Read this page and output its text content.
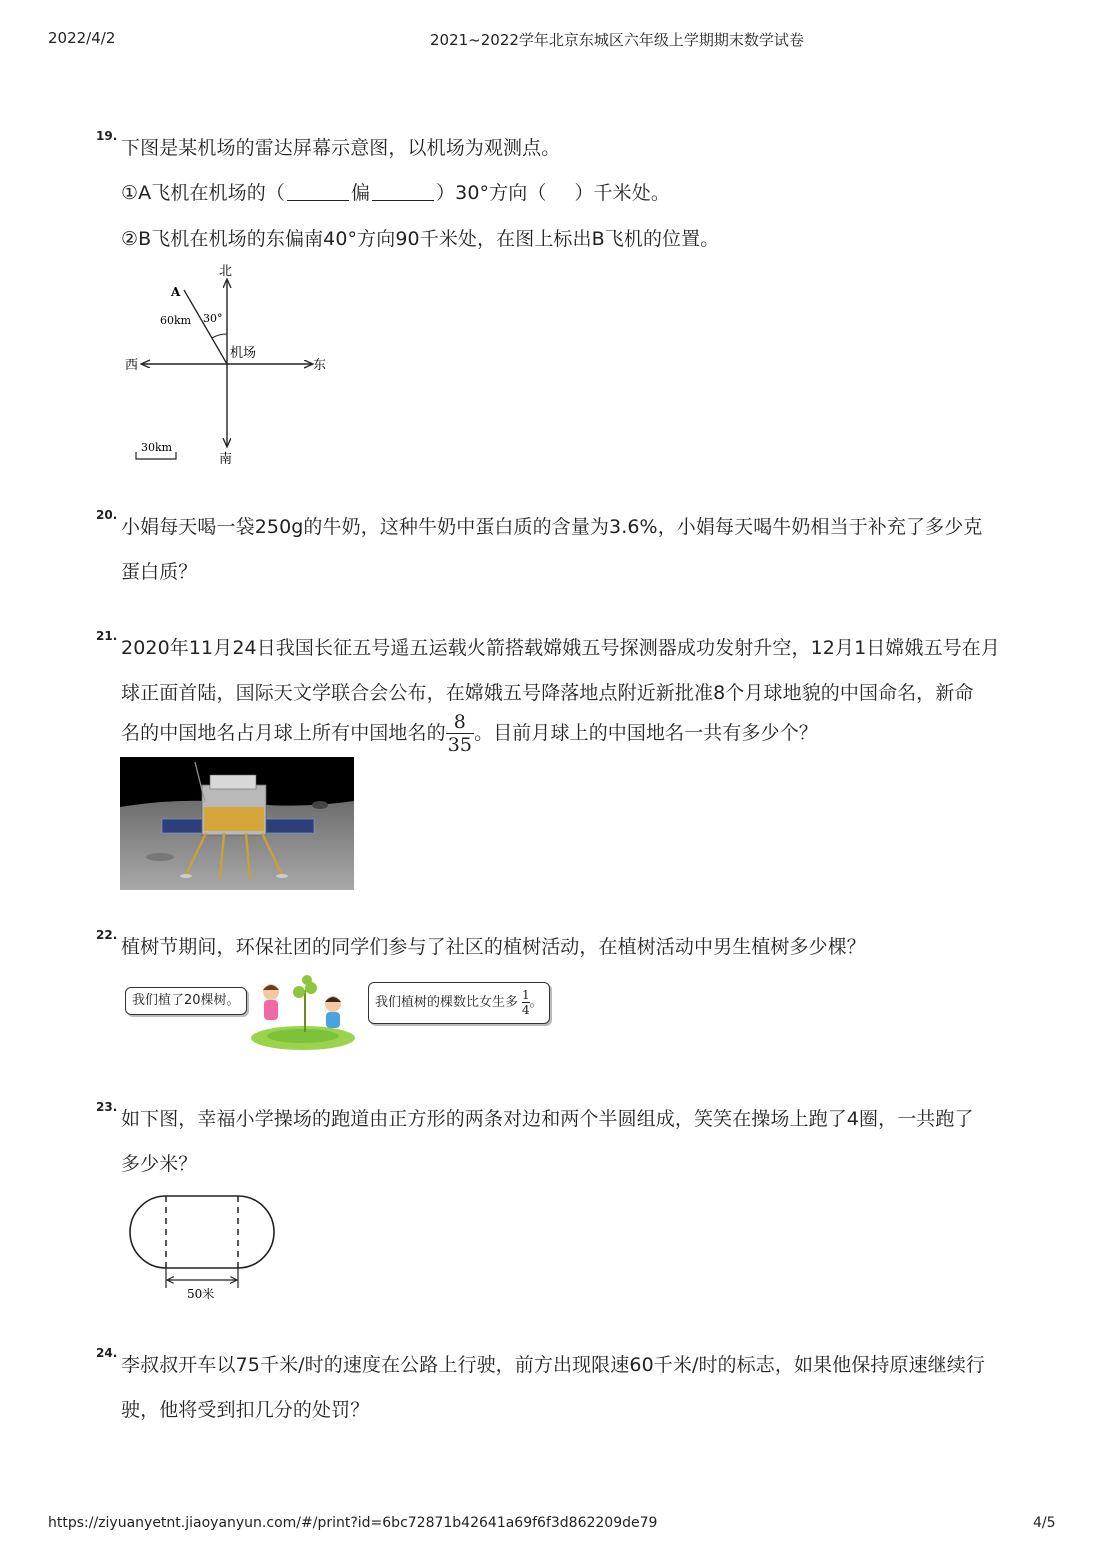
2022/4/2	2021~2022学年北京东城区六年级上学期期末数学试卷
19.
下图是某机场的雷达屏幕示意图，以机场为观测点。
①A飞机在机场的（	偏	）30°方向（ ）千米处。
②B飞机在机场的东偏南40°方向90千米处，在图上标出B飞机的位置。
北
南
东
西
机场
A
60km 30°
30km
20.
小娟每天喝一袋250g的牛奶，这种牛奶中蛋白质的含量为3.6%，小娟每天喝牛奶相当于补充了多少克
蛋白质？
21.
2020年11月24日我国长征五号遥五运载火箭搭载嫦娥五号探测器成功发射升空，12月1日嫦娥五号在月
球正面首陆，国际天文学联合会公布，在嫦娥五号降落地点附近新批准8个月球地貌的中国命名，新命
名的中国地名占月球上所有中国地名的 $\frac{8}{35}$ 。目前月球上的中国地名一共有多少个？
22.
植树节期间，环保社团的同学们参与了社区的植树活动，在植树活动中男生植树多少棵？
我们植了20棵树。	我们植树的棵数比女生多 $\frac{1}{4}$ 。
23.
如下图，幸福小学操场的跑道由正方形的两条对边和两个半圆组成，笑笑在操场上跑了4圈，一共跑了
多少米？
50米
24.
李叔叔开车以75千米/时的速度在公路上行驶，前方出现限速60千米/时的标志，如果他保持原速继续行
驶，他将受到扣几分的处罚？
https://ziyuanyetnt.jiaoyanyun.com/#/print?id=6bc72871b42641a69f6f3d862209de79	4/5
